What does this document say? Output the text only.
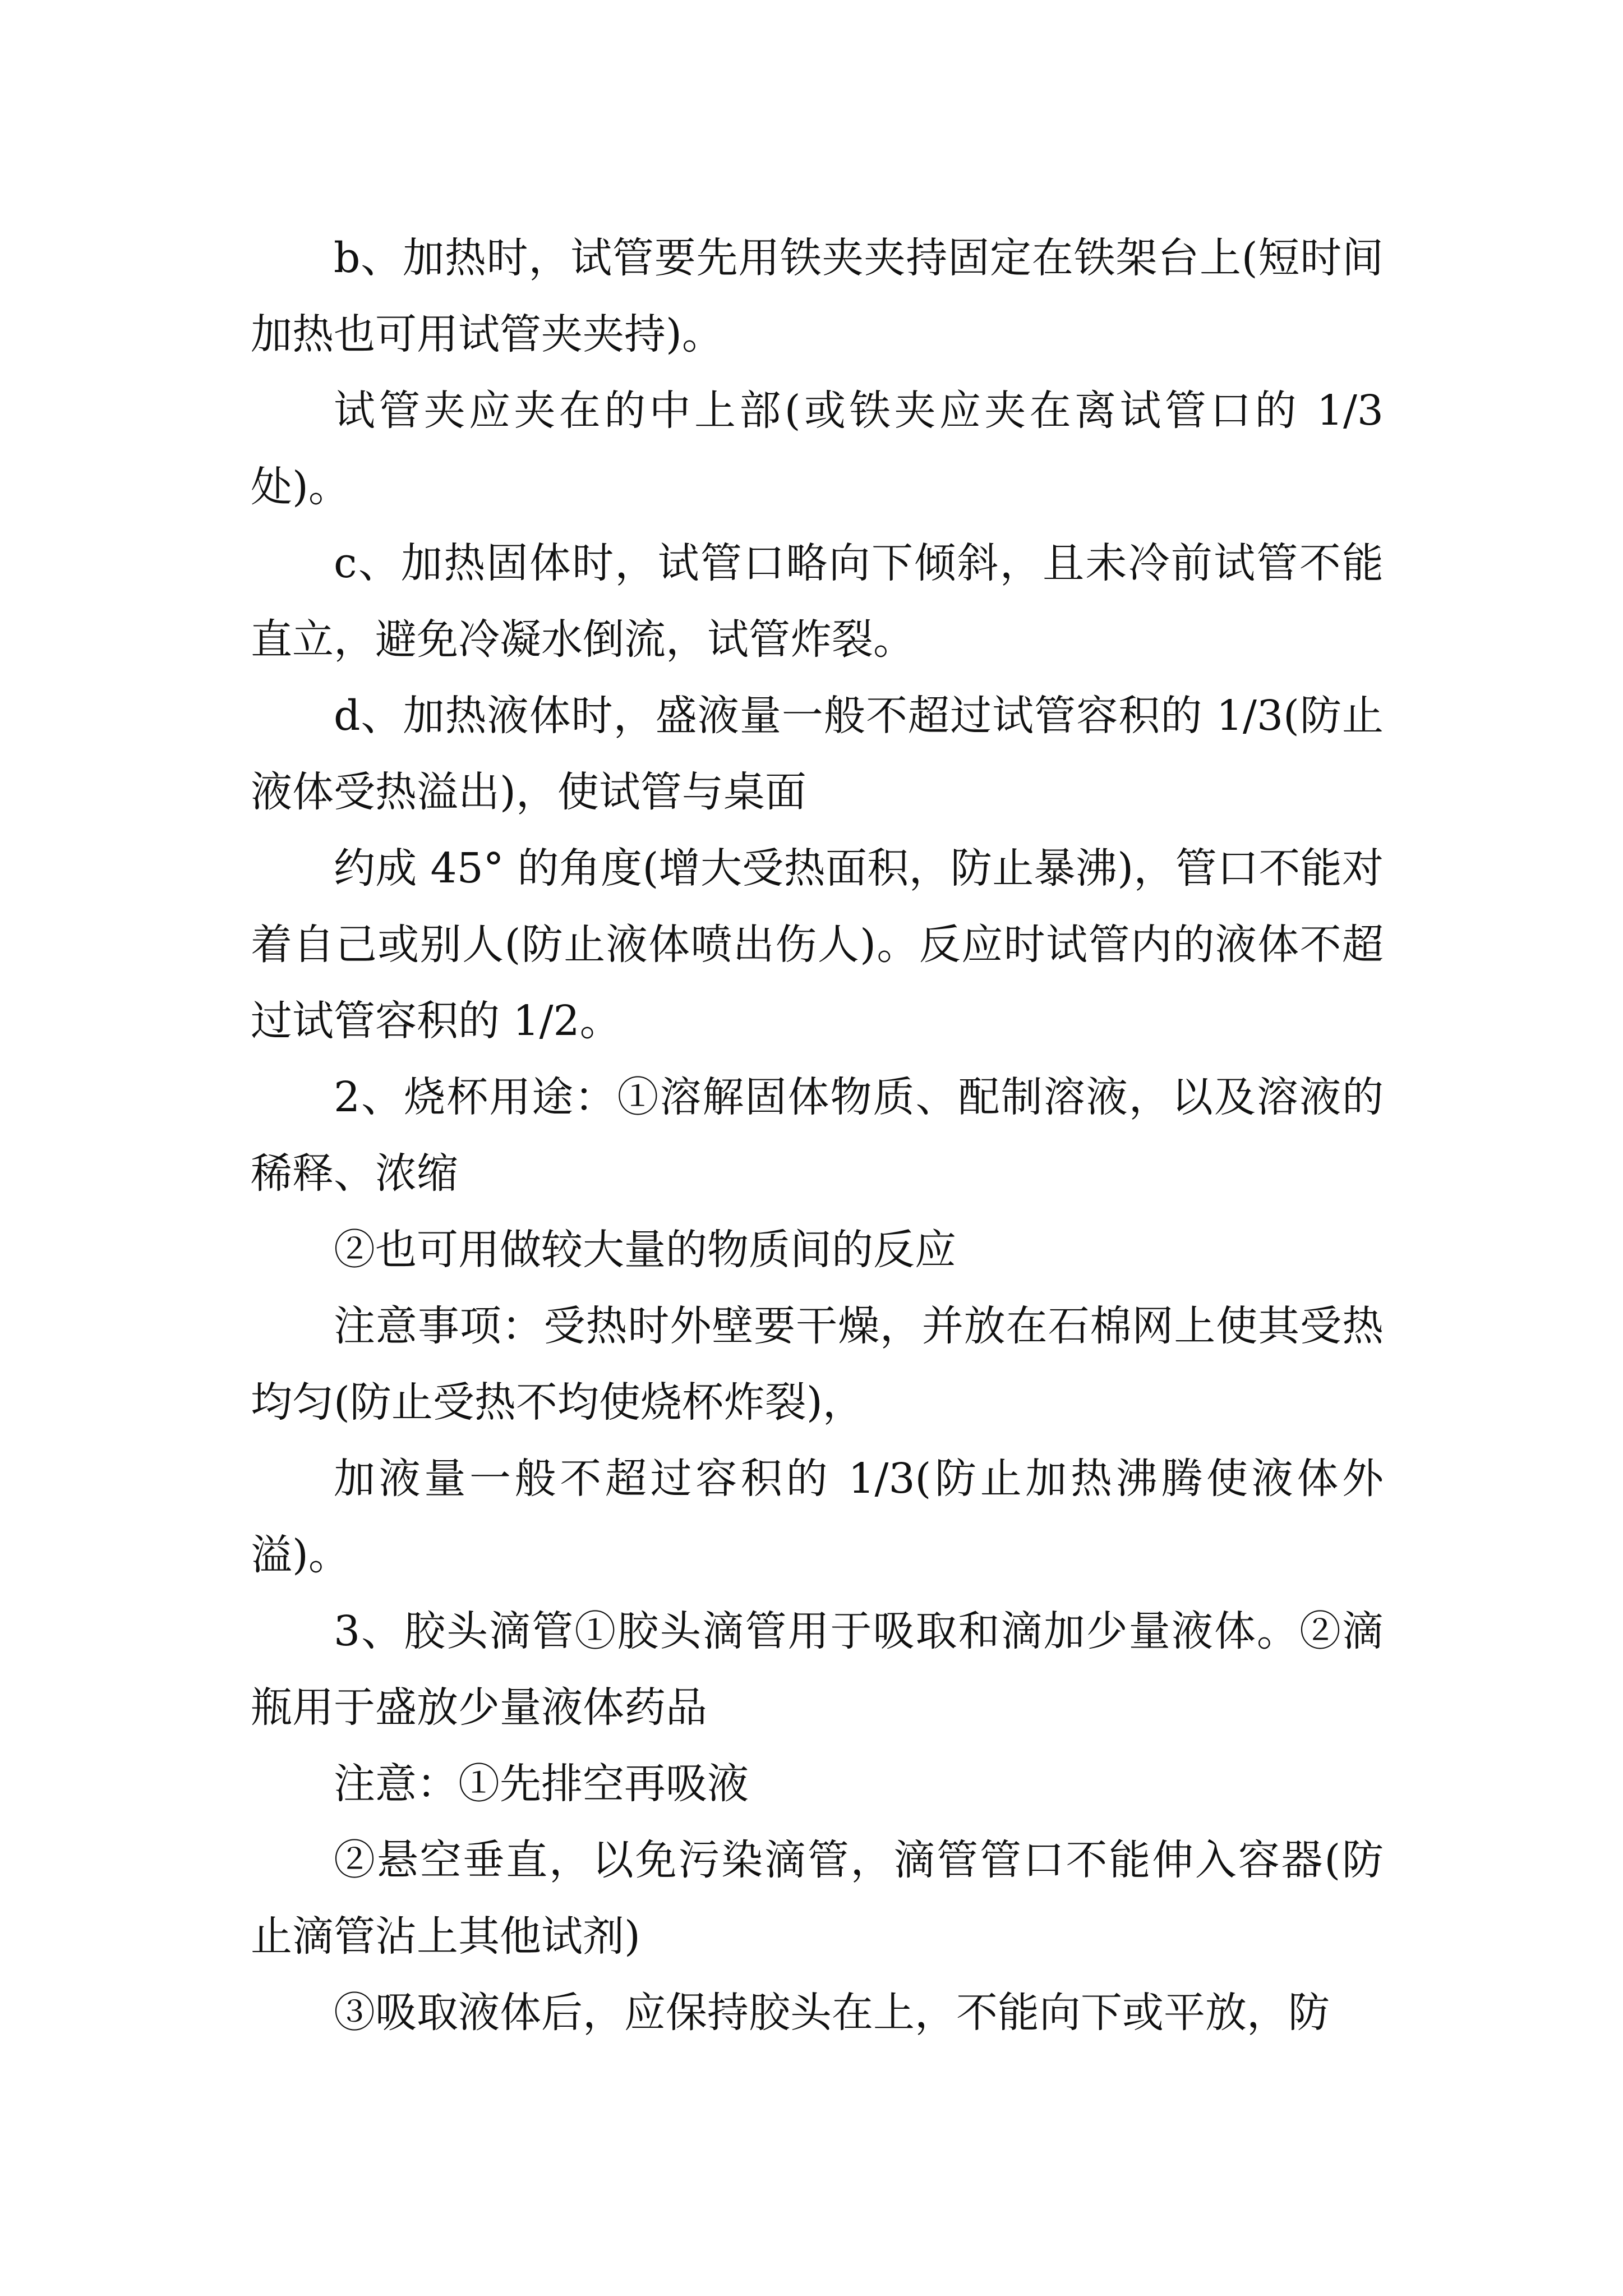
b、加热时，试管要先用铁夹夹持固定在铁架台上(短时间加热也可用试管夹夹持)。

试管夹应夹在的中上部(或铁夹应夹在离试管口的 1/3 处)。

c、加热固体时，试管口略向下倾斜，且未冷前试管不能直立，避免冷凝水倒流，试管炸裂。

d、加热液体时，盛液量一般不超过试管容积的 1/3(防止液体受热溢出)，使试管与桌面

约成 45° 的角度(增大受热面积，防止暴沸)，管口不能对着自己或别人(防止液体喷出伤人)。反应时试管内的液体不超过试管容积的 1/2。

2、烧杯用途：①溶解固体物质、配制溶液，以及溶液的稀释、浓缩

②也可用做较大量的物质间的反应

注意事项：受热时外壁要干燥，并放在石棉网上使其受热均匀(防止受热不均使烧杯炸裂)，

加液量一般不超过容积的 1/3(防止加热沸腾使液体外溢)。

3、胶头滴管①胶头滴管用于吸取和滴加少量液体。②滴瓶用于盛放少量液体药品

注意：①先排空再吸液

②悬空垂直，以免污染滴管，滴管管口不能伸入容器(防止滴管沾上其他试剂)

③吸取液体后，应保持胶头在上，不能向下或平放，防
